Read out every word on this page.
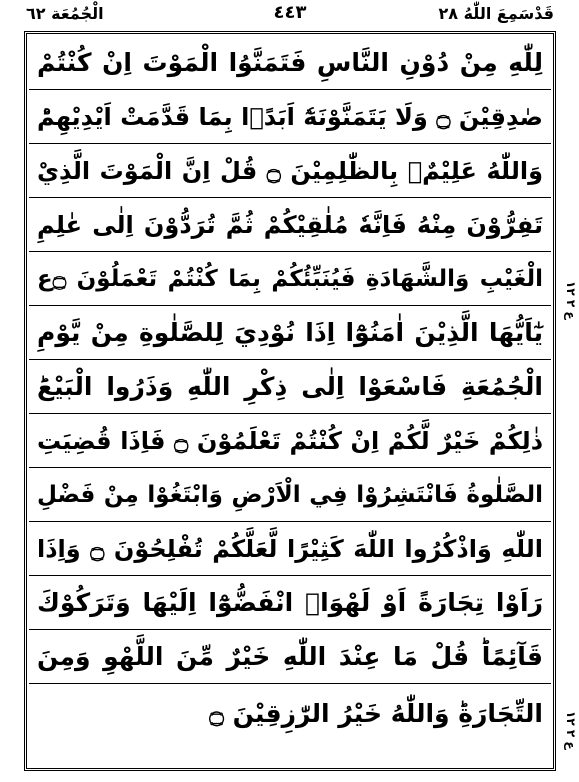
قَدْسَمِعَ اللّٰهُ ٢٨
٤٤٣
الْجُمُعَة ٦٢
لِلّٰهِ مِنْ دُوْنِ النَّاسِ فَتَمَنَّوُا الْمَوْتَ اِنْ كُنْتُمْ
صٰدِقِيْنَ ۝ وَلَا يَتَمَنَّوْنَهٗٓ اَبَدًۢا بِمَا قَدَّمَتْ اَيْدِيْهِمْؕ
وَاللّٰهُ عَلِيْمٌۢ بِالظّٰلِمِيْنَ ۝ قُلْ اِنَّ الْمَوْتَ الَّذِيْ
تَفِرُّوْنَ مِنْهُ فَاِنَّهٗ مُلٰقِيْكُمْ ثُمَّ تُرَدُّوْنَ اِلٰى عٰلِمِ
الْغَيْبِ وَالشَّهَادَةِ فَيُنَبِّئُكُمْ بِمَا كُنْتُمْ تَعْمَلُوْنَ ۝ع
يٰٓاَيُّهَا الَّذِيْنَ اٰمَنُوْٓا اِذَا نُوْدِيَ لِلصَّلٰوةِ مِنْ يَّوْمِ
الْجُمُعَةِ فَاسْعَوْا اِلٰى ذِكْرِ اللّٰهِ وَذَرُوا الْبَيْعَؕ
ذٰلِكُمْ خَيْرٌ لَّكُمْ اِنْ كُنْتُمْ تَعْلَمُوْنَ ۝ فَاِذَا قُضِيَتِ
الصَّلٰوةُ فَانْتَشِرُوْا فِي الْاَرْضِ وَابْتَغُوْا مِنْ فَضْلِ
اللّٰهِ وَاذْكُرُوا اللّٰهَ كَثِيْرًا لَّعَلَّكُمْ تُفْلِحُوْنَ ۝ وَاِذَا
رَاَوْا تِجَارَةً اَوْ لَهْوَاۨ انْفَضُّوْٓا اِلَيْهَا وَتَرَكُوْكَ
قَآئِمًاؕ قُلْ مَا عِنْدَ اللّٰهِ خَيْرٌ مِّنَ اللَّهْوِ وَمِنَ
التِّجَارَةِؕ وَاللّٰهُ خَيْرُ الرّٰزِقِيْنَ ۝
ع ٢ ١٢
ع ٢ ١٢
